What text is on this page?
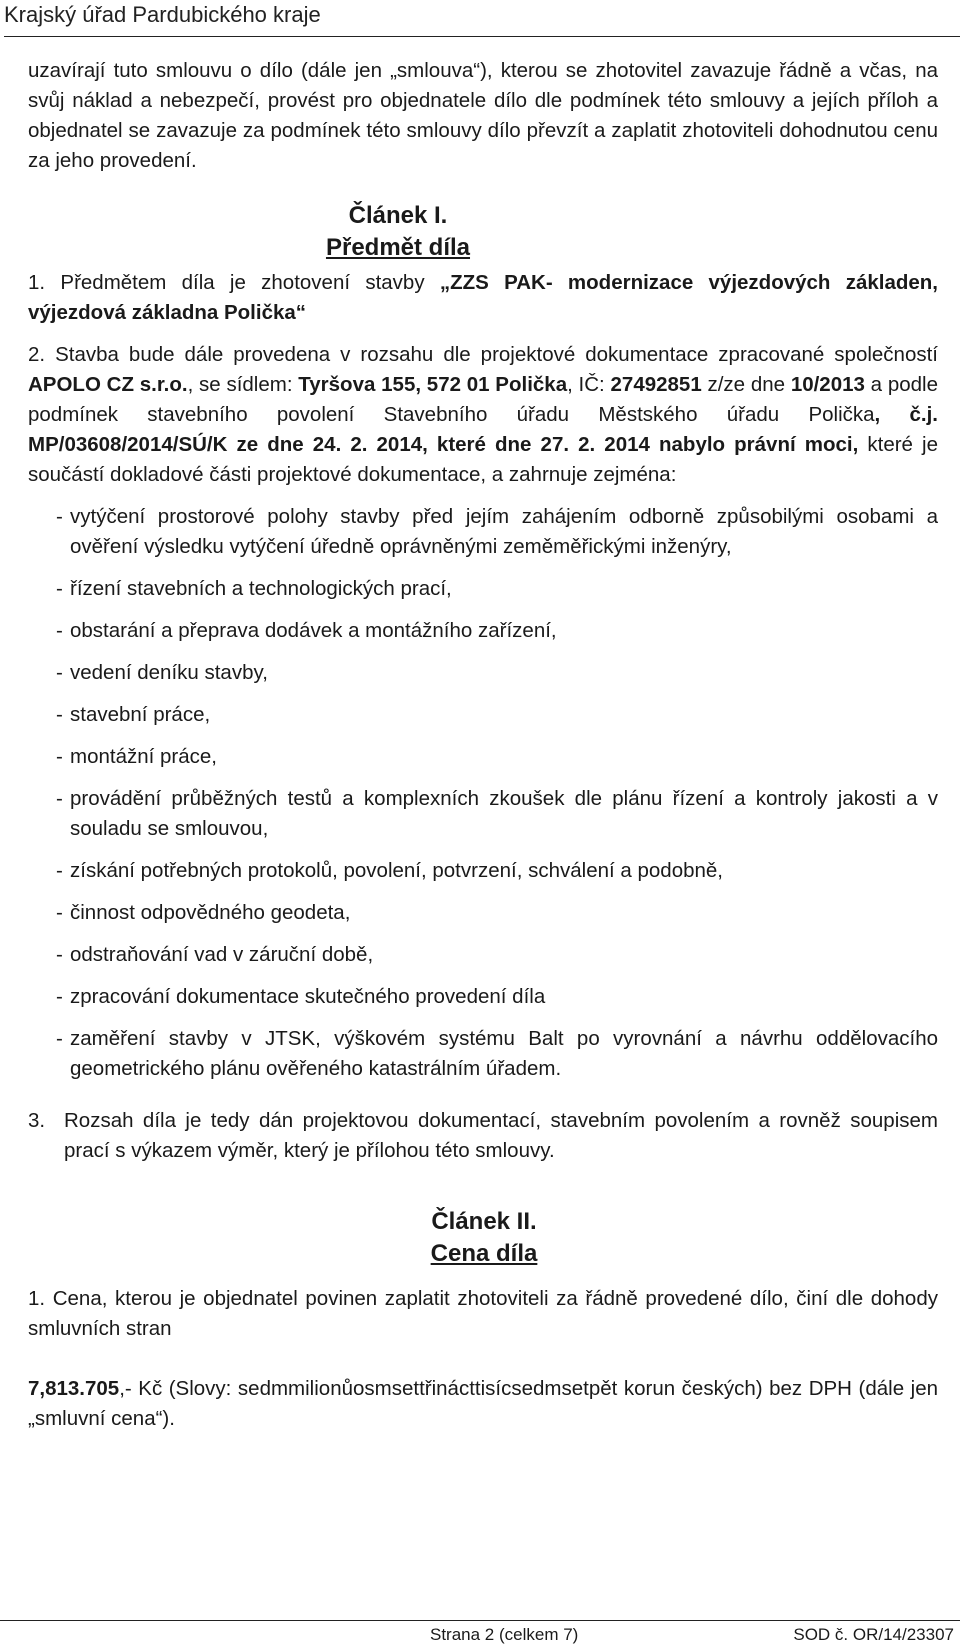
Krajský úřad Pardubického kraje

uzavírají tuto smlouvu o dílo (dále jen „smlouva“), kterou se zhotovitel zavazuje řádně a včas, na svůj náklad a nebezpečí, provést pro objednatele dílo dle podmínek této smlouvy a jejích příloh a objednatel se zavazuje za podmínek této smlouvy dílo převzít a zaplatit zhotoviteli dohodnutou cenu za jeho provedení.

Článek I.
Předmět díla
1. Předmětem díla je zhotovení stavby „ZZS PAK- modernizace výjezdových základen, výjezdová základna Polička“
2. Stavba bude dále provedena v rozsahu dle projektové dokumentace zpracované společností APOLO CZ s.r.o., se sídlem: Tyršova 155, 572 01 Polička, IČ: 27492851 z/ze dne 10/2013 a podle podmínek stavebního povolení Stavebního úřadu Městského úřadu Polička, č.j. MP/03608/2014/SÚ/K ze dne 24. 2. 2014, které dne 27. 2. 2014 nabylo právní moci, které je součástí dokladové části projektové dokumentace, a zahrnuje zejména:
- vytýčení prostorové polohy stavby před jejím zahájením odborně způsobilými osobami a ověření výsledku vytýčení úředně oprávněnými zeměměřickými inženýry,
- řízení stavebních a technologických prací,
- obstarání a přeprava dodávek a montážního zařízení,
- vedení deníku stavby,
- stavební práce,
- montážní práce,
- provádění průběžných testů a komplexních zkoušek dle plánu řízení a kontroly jakosti a v souladu se smlouvou,
- získání potřebných protokolů, povolení, potvrzení, schválení a podobně,
- činnost odpovědného geodeta,
- odstraňování vad v záruční době,
- zpracování dokumentace skutečného provedení díla
- zaměření stavby v JTSK, výškovém systému Balt po vyrovnání a návrhu oddělovacího geometrického plánu ověřeného katastrálním úřadem.
3. Rozsah díla je tedy dán projektovou dokumentací, stavebním povolením a rovněž soupisem prací s výkazem výměr, který je přílohou této smlouvy.
Článek II.
Cena díla
1. Cena, kterou je objednatel povinen zaplatit zhotoviteli za řádně provedené dílo, činí dle dohody smluvních stran
7,813.705,- Kč (Slovy: sedmmilionůosmsettřinácttisícsedmsetpět korun českých) bez DPH (dále jen „smluvní cena“).
Strana 2 (celkem 7)	SOD č. OR/14/23307
